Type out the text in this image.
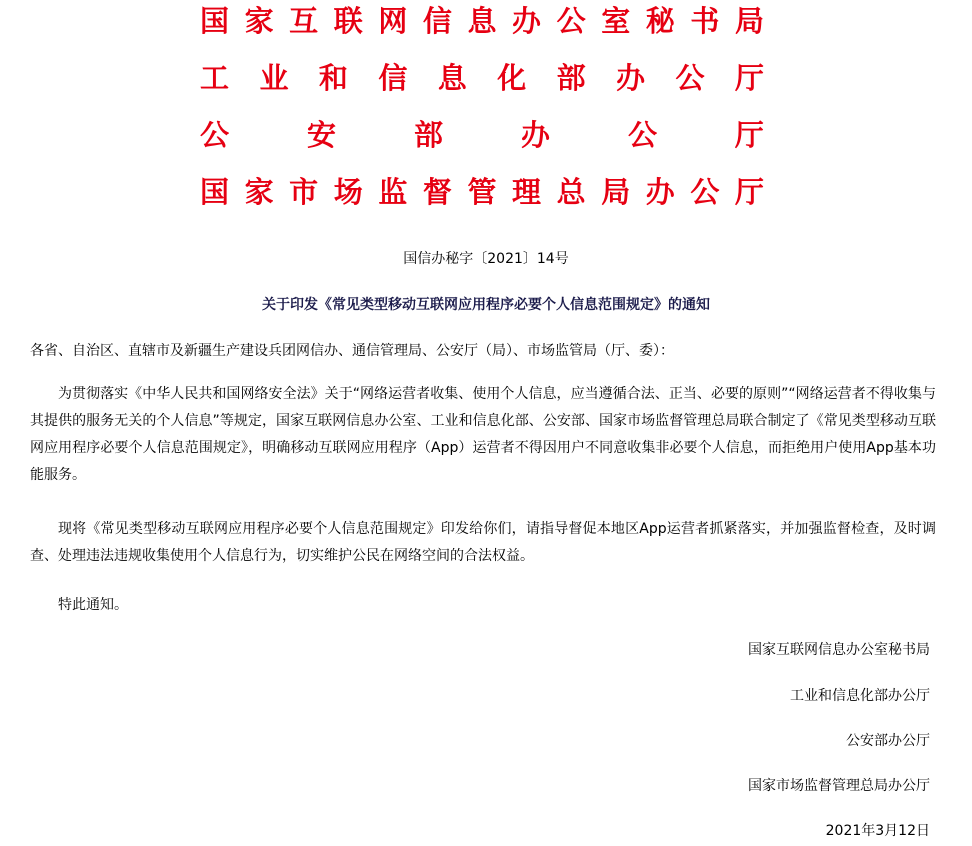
国 家 互 联 网 信 息 办 公 室 秘 书 局
工 业 和 信 息 化 部 办 公 厅
公	安	部	办	公	厅
国 家 市 场 监 督 管 理 总 局 办 公 厅
国信办秘字〔2021〕14号
关于印发《常见类型移动互联网应用程序必要个人信息范围规定》的通知
各省、自治区、直辖市及新疆生产建设兵团网信办、通信管理局、公安厅（局）、市场监管局（厅、委）：
为贯彻落实《中华人民共和国网络安全法》关于“网络运营者收集、使用个人信息，应当遵循合法、正当、必要的原则”“网络运营者不得收集与其提供的服务无关的个人信息”等规定，国家互联网信息办公室、工业和信息化部、公安部、国家市场监督管理总局联合制定了《常见类型移动互联网应用程序必要个人信息范围规定》，明确移动互联网应用程序（App）运营者不得因用户不同意收集非必要个人信息，而拒绝用户使用App基本功能服务。
现将《常见类型移动互联网应用程序必要个人信息范围规定》印发给你们，请指导督促本地区App运营者抓紧落实，并加强监督检查，及时调查、处理违法违规收集使用个人信息行为，切实维护公民在网络空间的合法权益。
特此通知。
国家互联网信息办公室秘书局
工业和信息化部办公厅
公安部办公厅
国家市场监督管理总局办公厅
2021年3月12日
